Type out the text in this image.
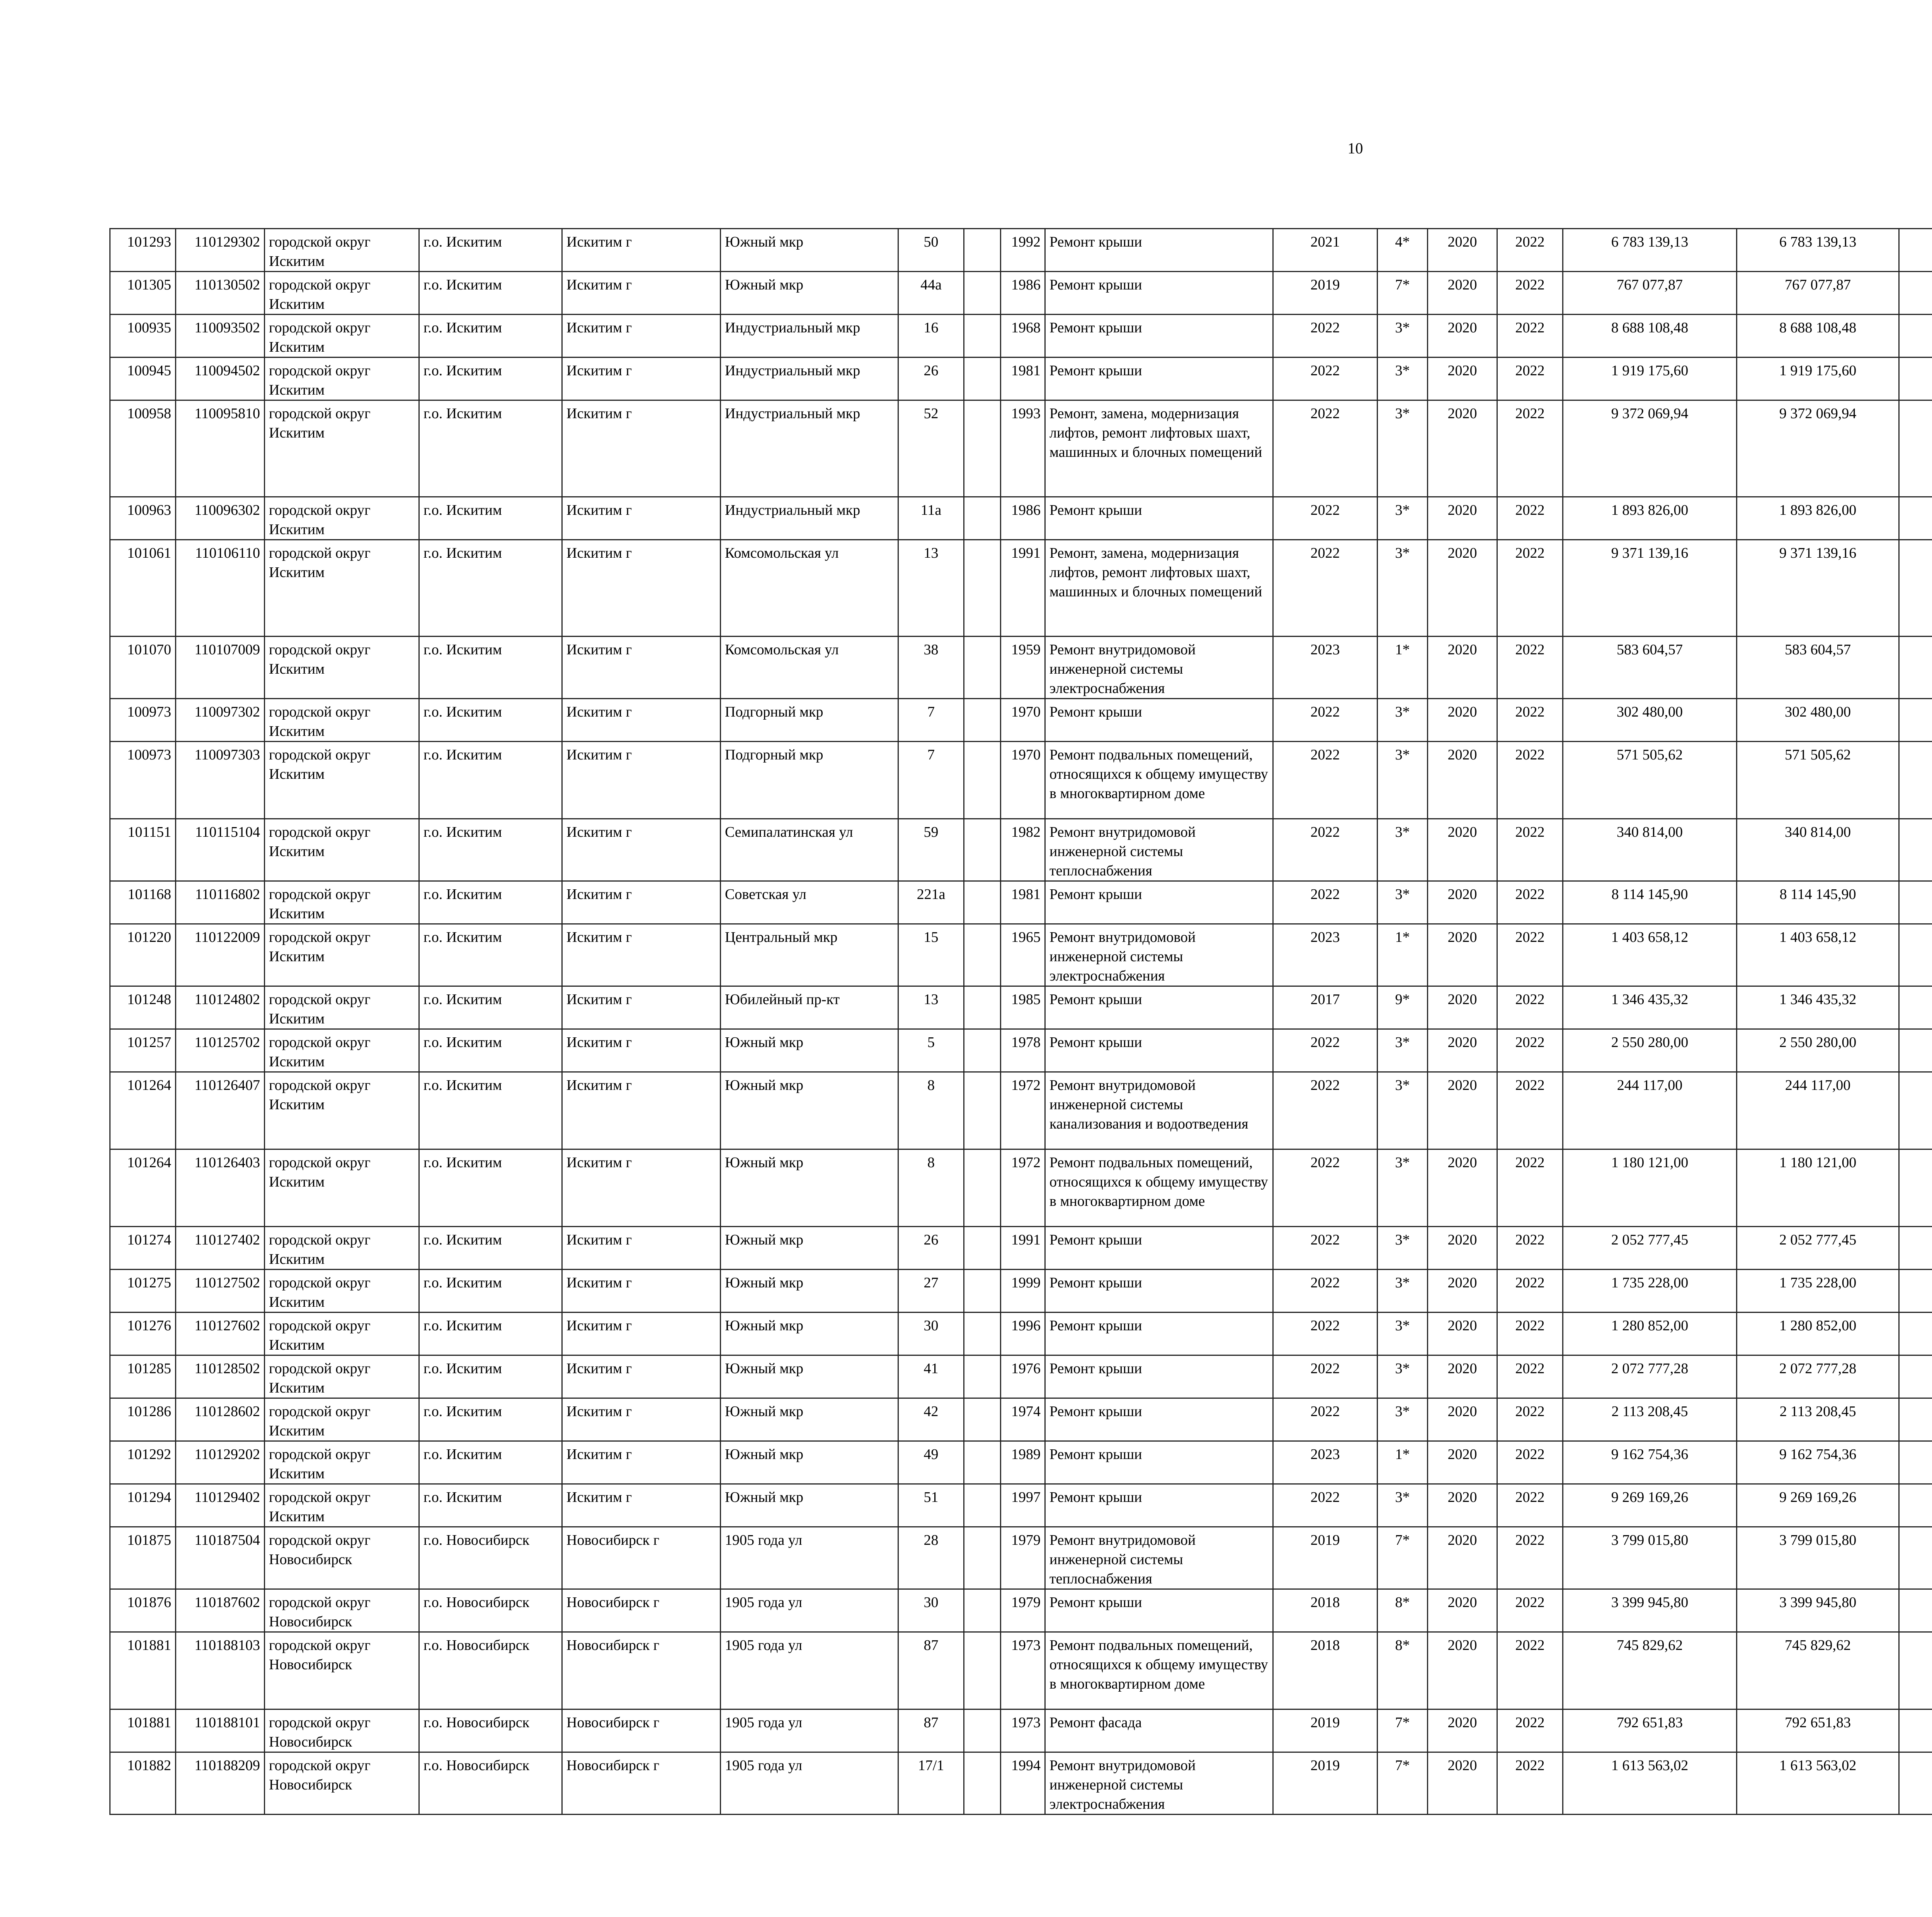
10
101293	110129302	городской округ Искитим	г.о. Искитим	Искитим г	Южный мкр	50		1992	Ремонт крыши	2021	4*	2020	2022	6 783 139,13	6 783 139,13						
101305	110130502	городской округ Искитим	г.о. Искитим	Искитим г	Южный мкр	44а		1986	Ремонт крыши	2019	7*	2020	2022	767 077,87	767 077,87						
100935	110093502	городской округ Искитим	г.о. Искитим	Искитим г	Индустриальный мкр	16		1968	Ремонт крыши	2022	3*	2020	2022	8 688 108,48	8 688 108,48						
100945	110094502	городской округ Искитим	г.о. Искитим	Искитим г	Индустриальный мкр	26		1981	Ремонт крыши	2022	3*	2020	2022	1 919 175,60	1 919 175,60						
100958	110095810	городской округ Искитим	г.о. Искитим	Искитим г	Индустриальный мкр	52		1993	Ремонт, замена, модернизация лифтов, ремонт лифтовых шахт, машинных и блочных помещений	2022	3*	2020	2022	9 372 069,94	9 372 069,94						
100963	110096302	городской округ Искитим	г.о. Искитим	Искитим г	Индустриальный мкр	11а		1986	Ремонт крыши	2022	3*	2020	2022	1 893 826,00	1 893 826,00						
101061	110106110	городской округ Искитим	г.о. Искитим	Искитим г	Комсомольская ул	13		1991	Ремонт, замена, модернизация лифтов, ремонт лифтовых шахт, машинных и блочных помещений	2022	3*	2020	2022	9 371 139,16	9 371 139,16						
101070	110107009	городской округ Искитим	г.о. Искитим	Искитим г	Комсомольская ул	38		1959	Ремонт внутридомовой инженерной системы электроснабжения	2023	1*	2020	2022	583 604,57	583 604,57						
100973	110097302	городской округ Искитим	г.о. Искитим	Искитим г	Подгорный мкр	7		1970	Ремонт крыши	2022	3*	2020	2022	302 480,00	302 480,00						
100973	110097303	городской округ Искитим	г.о. Искитим	Искитим г	Подгорный мкр	7		1970	Ремонт подвальных помещений, относящихся к общему имуществу в многоквартирном доме	2022	3*	2020	2022	571 505,62	571 505,62						
101151	110115104	городской округ Искитим	г.о. Искитим	Искитим г	Семипалатинская ул	59		1982	Ремонт внутридомовой инженерной системы теплоснабжения	2022	3*	2020	2022	340 814,00	340 814,00						
101168	110116802	городской округ Искитим	г.о. Искитим	Искитим г	Советская ул	221а		1981	Ремонт крыши	2022	3*	2020	2022	8 114 145,90	8 114 145,90						
101220	110122009	городской округ Искитим	г.о. Искитим	Искитим г	Центральный мкр	15		1965	Ремонт внутридомовой инженерной системы электроснабжения	2023	1*	2020	2022	1 403 658,12	1 403 658,12						
101248	110124802	городской округ Искитим	г.о. Искитим	Искитим г	Юбилейный пр-кт	13		1985	Ремонт крыши	2017	9*	2020	2022	1 346 435,32	1 346 435,32						
101257	110125702	городской округ Искитим	г.о. Искитим	Искитим г	Южный мкр	5		1978	Ремонт крыши	2022	3*	2020	2022	2 550 280,00	2 550 280,00						
101264	110126407	городской округ Искитим	г.о. Искитим	Искитим г	Южный мкр	8		1972	Ремонт внутридомовой инженерной системы канализования и водоотведения	2022	3*	2020	2022	244 117,00	244 117,00						
101264	110126403	городской округ Искитим	г.о. Искитим	Искитим г	Южный мкр	8		1972	Ремонт подвальных помещений, относящихся к общему имуществу в многоквартирном доме	2022	3*	2020	2022	1 180 121,00	1 180 121,00						
101274	110127402	городской округ Искитим	г.о. Искитим	Искитим г	Южный мкр	26		1991	Ремонт крыши	2022	3*	2020	2022	2 052 777,45	2 052 777,45						
101275	110127502	городской округ Искитим	г.о. Искитим	Искитим г	Южный мкр	27		1999	Ремонт крыши	2022	3*	2020	2022	1 735 228,00	1 735 228,00						
101276	110127602	городской округ Искитим	г.о. Искитим	Искитим г	Южный мкр	30		1996	Ремонт крыши	2022	3*	2020	2022	1 280 852,00	1 280 852,00						
101285	110128502	городской округ Искитим	г.о. Искитим	Искитим г	Южный мкр	41		1976	Ремонт крыши	2022	3*	2020	2022	2 072 777,28	2 072 777,28						
101286	110128602	городской округ Искитим	г.о. Искитим	Искитим г	Южный мкр	42		1974	Ремонт крыши	2022	3*	2020	2022	2 113 208,45	2 113 208,45						
101292	110129202	городской округ Искитим	г.о. Искитим	Искитим г	Южный мкр	49		1989	Ремонт крыши	2023	1*	2020	2022	9 162 754,36	9 162 754,36						
101294	110129402	городской округ Искитим	г.о. Искитим	Искитим г	Южный мкр	51		1997	Ремонт крыши	2022	3*	2020	2022	9 269 169,26	9 269 169,26						
101875	110187504	городской округ Новосибирск	г.о. Новосибирск	Новосибирск г	1905 года ул	28		1979	Ремонт внутридомовой инженерной системы теплоснабжения	2019	7*	2020	2022	3 799 015,80	3 799 015,80						
101876	110187602	городской округ Новосибирск	г.о. Новосибирск	Новосибирск г	1905 года ул	30		1979	Ремонт крыши	2018	8*	2020	2022	3 399 945,80	3 399 945,80						
101881	110188103	городской округ Новосибирск	г.о. Новосибирск	Новосибирск г	1905 года ул	87		1973	Ремонт подвальных помещений, относящихся к общему имуществу в многоквартирном доме	2018	8*	2020	2022	745 829,62	745 829,62						
101881	110188101	городской округ Новосибирск	г.о. Новосибирск	Новосибирск г	1905 года ул	87		1973	Ремонт фасада	2019	7*	2020	2022	792 651,83	792 651,83						
101882	110188209	городской округ Новосибирск	г.о. Новосибирск	Новосибирск г	1905 года ул	17/1		1994	Ремонт внутридомовой инженерной системы электроснабжения	2019	7*	2020	2022	1 613 563,02	1 613 563,02						
